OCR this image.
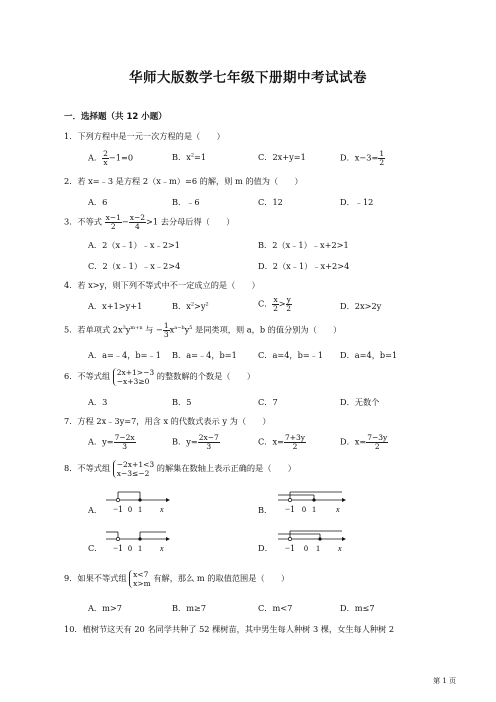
华师大版数学七年级下册期中考试试卷
一．选择题（共 12 小题）
1．下列方程中是一元一次方程的是（　　）
A． $\frac{2}{x} -1=0$	B．$x^2=1$	C．2x+y=1	D．$x-3= \frac{1}{2}$
2．若 x=﹣3 是方程 2（x﹣m）=6 的解，则 m 的值为（　　）
A．6	B．﹣6	C．12	D．﹣12
3．不等式 $\frac{x-1}{2} - \frac{x-2}{4} >1$ 去分母后得（　　）
A．2（x﹣1）﹣x﹣2>1	B．2（x﹣1）﹣x+2>1
C．2（x﹣1）﹣x﹣2>4	D．2（x﹣1）﹣x+2>4
4．若 x>y，则下列不等式中不一定成立的是（　　）
A．x+1>y+1	B．$x^2>y^2$	C． $\frac{x}{2} > \frac{y}{2}$	D．2x>2y
5．若单项式 $2x^3y^{m+n}$ 与 − $\frac{1}{3} x^{a-b}y^5$ 是同类项，则 a，b 的值分别为（　　）
A．a=﹣4，b=﹣1 B．a=﹣4，b=1	C．a=4，b=﹣1 D．a=4，b=1
6．不等式组 2x+1>−3
−x+3≥0 的整数解的个数是（　　）
A．3	B．5	C．7	D．无数个
7．方程 2x﹣3y=7，用含 x 的代数式表示 y 为（　　）
A．$y= \frac{7-2x}{3}$	B．$y= \frac{2x-7}{3}$	C．$x= \frac{7+3y}{2}$	D．$x= \frac{7-3y}{2}$
8．不等式组 −2x+1<3
x−3≤−2 的解集在数轴上表示正确的是（　　）
A． −1 0 1 x	B． −1 0 1	x
C． −1 0 1 x	D． −1 0 1 x
9．如果不等式组 x<7
x>m 有解，那么 m 的取值范围是（　　）
A．m>7	B．m≥7	C．m<7	D．m≤7
10．植树节这天有 20 名同学共种了 52 棵树苗，其中男生每人种树 3 棵，女生每人种树 2
第 1 页
